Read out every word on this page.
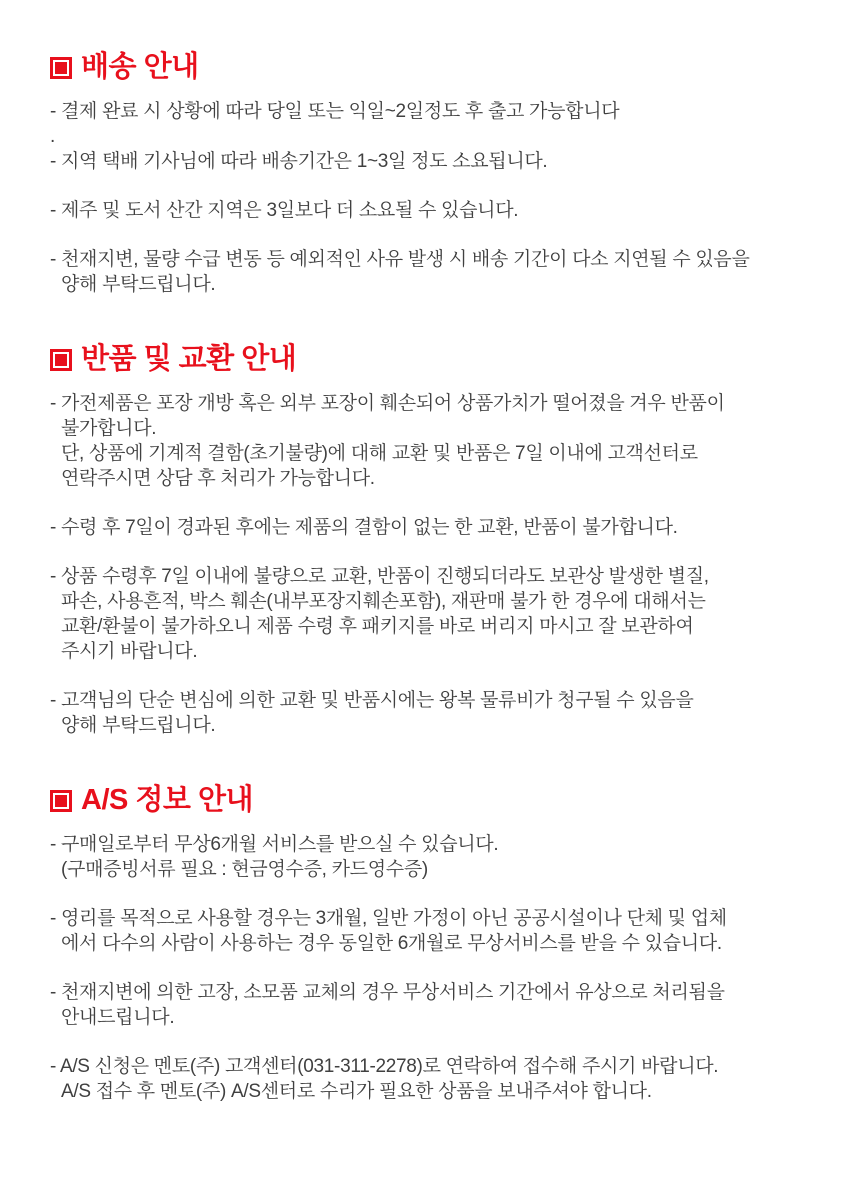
배송 안내
- 결제 완료 시 상황에 따라 당일 또는 익일~2일정도 후 출고 가능합니다
.
- 지역 택배 기사님에 따라 배송기간은 1~3일 정도 소요됩니다.
- 제주 및 도서 산간 지역은 3일보다 더 소요될 수 있습니다.
- 천재지변, 물량 수급 변동 등 예외적인 사유 발생 시 배송 기간이 다소 지연될 수 있음을
양해 부탁드립니다.
반품 및 교환 안내
- 가전제품은 포장 개방 혹은 외부 포장이 훼손되어 상품가치가 떨어졌을 겨우 반품이
불가합니다.
단, 상품에 기계적 결함(초기불량)에 대해 교환 및 반품은 7일 이내에 고객선터로
연락주시면 상담 후 처리가 가능합니다.
- 수령 후 7일이 경과된 후에는 제품의 결함이 없는 한 교환, 반품이 불가합니다.
- 상품 수령후 7일 이내에 불량으로 교환, 반품이 진행되더라도 보관상 발생한 별질,
파손, 사용흔적, 박스 훼손(내부포장지훼손포함), 재판매 불가 한 경우에 대해서는
교환/환불이 불가하오니 제품 수령 후 패키지를 바로 버리지 마시고 잘 보관하여
주시기 바랍니다.
- 고객님의 단순 변심에 의한 교환 및 반품시에는 왕복 물류비가 청구될 수 있음을
양해 부탁드립니다.
A/S 정보 안내
- 구매일로부터 무상6개월 서비스를 받으실 수 있습니다.
(구매증빙서류 필요 : 현금영수증, 카드영수증)
- 영리를 목적으로 사용할 경우는 3개월, 일반 가정이 아닌 공공시설이나 단체 및 업체
에서 다수의 사람이 사용하는 경우 동일한 6개월로 무상서비스를 받을 수 있습니다.
- 천재지변에 의한 고장, 소모품 교체의 경우 무상서비스 기간에서 유상으로 처리됨을
안내드립니다.
- A/S 신청은 멘토(주) 고객센터(031-311-2278)로 연락하여 접수해 주시기 바랍니다.
A/S 접수 후 멘토(주) A/S센터로 수리가 필요한 상품을 보내주셔야 합니다.
